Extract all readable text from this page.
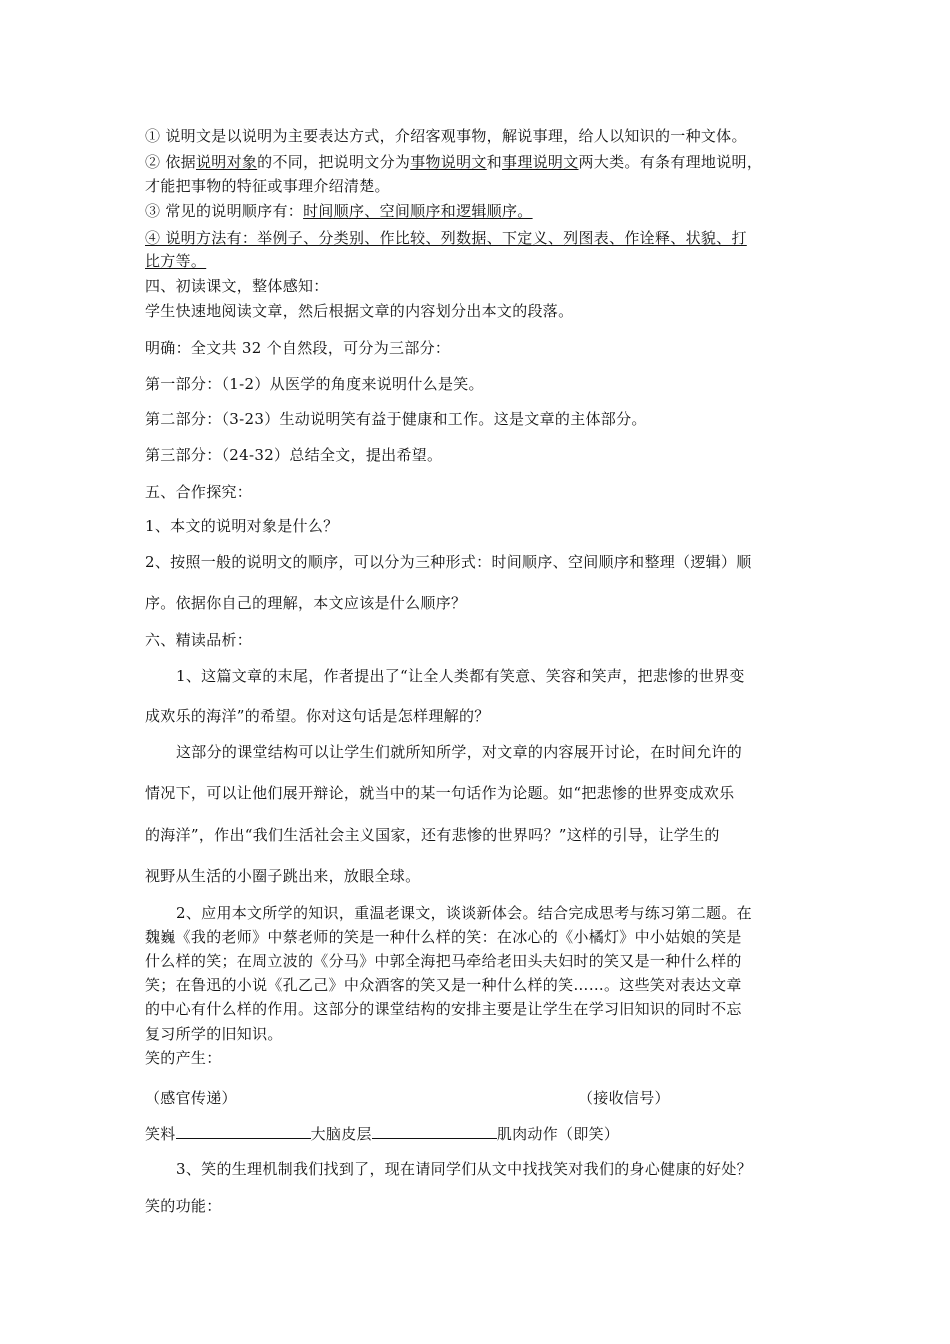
① 说明文是以说明为主要表达方式，介绍客观事物，解说事理，给人以知识的一种文体。
② 依据说明对象的不同，把说明文分为事物说明文和事理说明文两大类。有条有理地说明，
才能把事物的特征或事理介绍清楚。
③ 常见的说明顺序有：时间顺序、空间顺序和逻辑顺序。
④ 说明方法有：举例子、分类别、作比较、列数据、下定义、列图表、作诠释、状貌、打
比方等。
四、初读课文，整体感知：
学生快速地阅读文章，然后根据文章的内容划分出本文的段落。
明确：全文共 32 个自然段，可分为三部分：
第一部分：（1-2）从医学的角度来说明什么是笑。
第二部分：（3-23）生动说明笑有益于健康和工作。这是文章的主体部分。
第三部分：（24-32）总结全文，提出希望。
五、合作探究：
1、本文的说明对象是什么？
2、按照一般的说明文的顺序，可以分为三种形式：时间顺序、空间顺序和整理（逻辑）顺
序。依据你自己的理解，本文应该是什么顺序？
六、精读品析：
1、这篇文章的末尾，作者提出了“让全人类都有笑意、笑容和笑声，把悲惨的世界变
成欢乐的海洋”的希望。你对这句话是怎样理解的？
这部分的课堂结构可以让学生们就所知所学，对文章的内容展开讨论，在时间允许的
情况下，可以让他们展开辩论，就当中的某一句话作为论题。如“把悲惨的世界变成欢乐
的海洋”，作出“我们生活社会主义国家，还有悲惨的世界吗？”这样的引导，让学生的
视野从生活的小圈子跳出来，放眼全球。
2、应用本文所学的知识，重温老课文，谈谈新体会。结合完成思考与练习第二题。在
魏巍《我的老师》中蔡老师的笑是一种什么样的笑：在冰心的《小橘灯》中小姑娘的笑是
什么样的笑；在周立波的《分马》中郭全海把马牵给老田头夫妇时的笑又是一种什么样的
笑；在鲁迅的小说《孔乙己》中众酒客的笑又是一种什么样的笑……。这些笑对表达文章
的中心有什么样的作用。这部分的课堂结构的安排主要是让学生在学习旧知识的同时不忘
复习所学的旧知识。
笑的产生：
（感官传递）	（接收信号）
笑料	大脑皮层	肌肉动作（即笑）
3、笑的生理机制我们找到了，现在请同学们从文中找找笑对我们的身心健康的好处？
笑的功能：
